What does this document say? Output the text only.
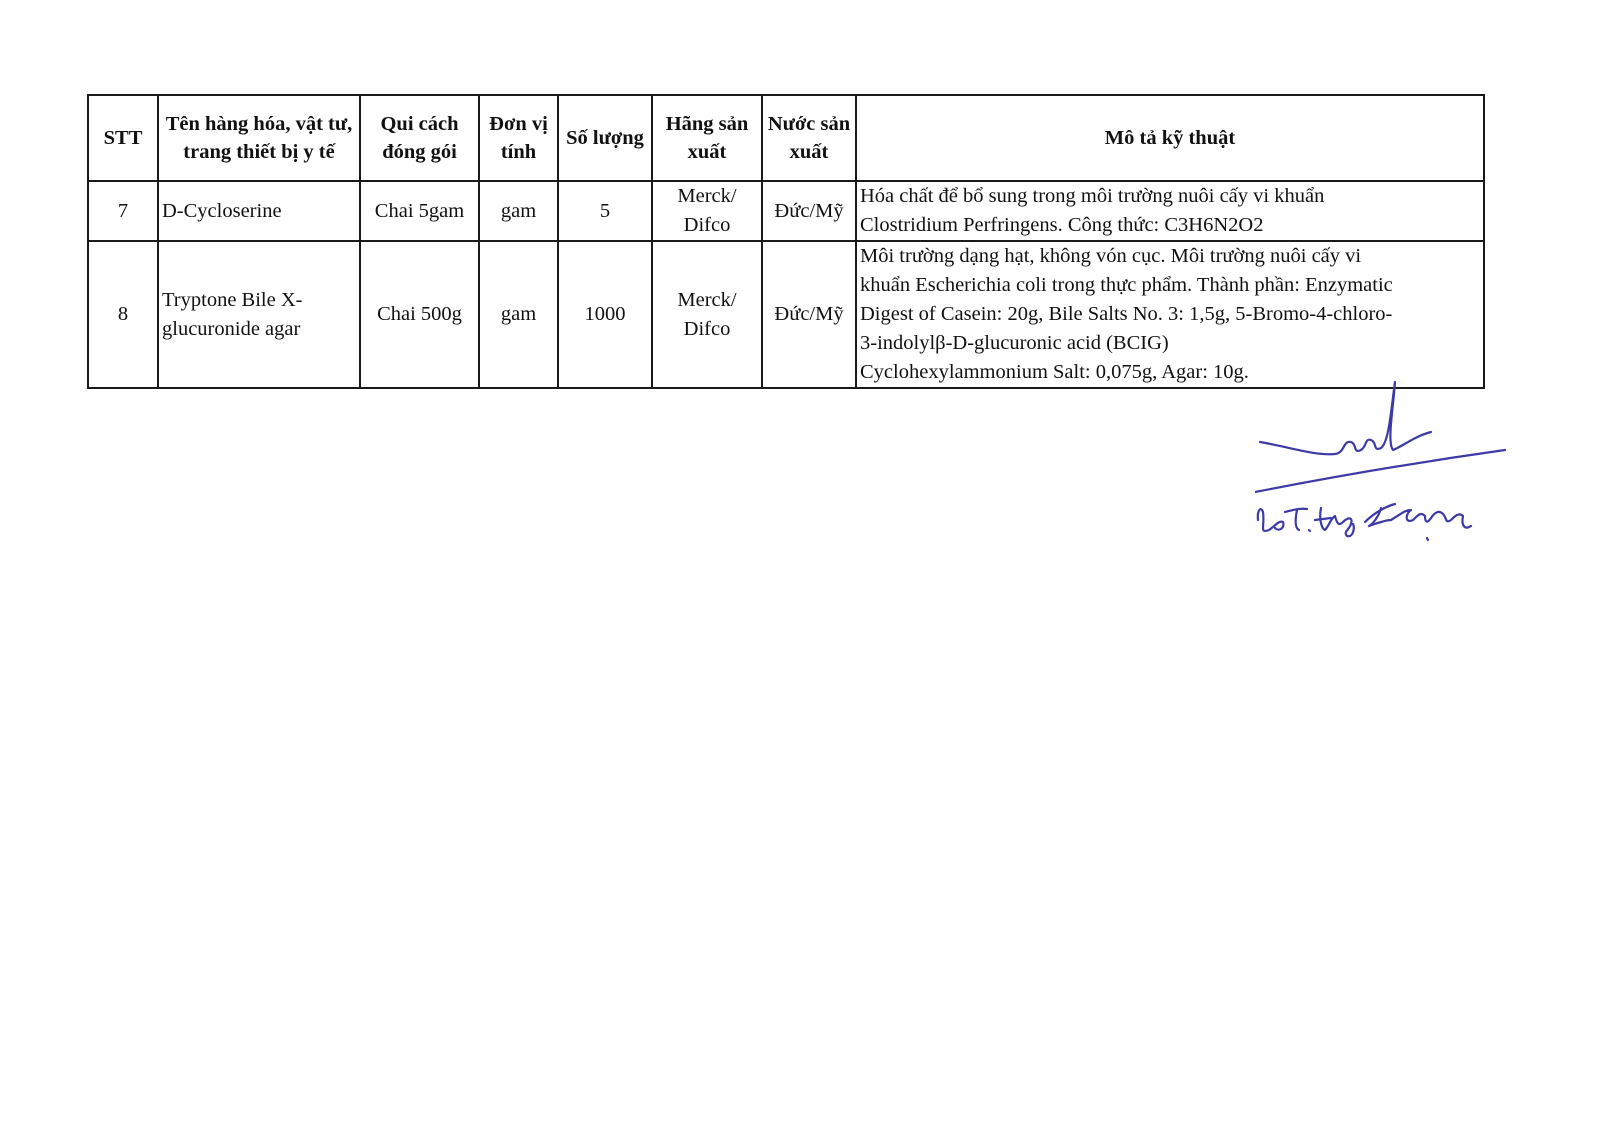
STT	Tên hàng hóa, vật tư, trang thiết bị y tế	Qui cách đóng gói	Đơn vị tính	Số lượng	Hãng sản xuất	Nước sản xuất	Mô tả kỹ thuật
7	D-Cycloserine	Chai 5gam	gam	5	Merck/ Difco	Đức/Mỹ	Hóa chất để bổ sung trong môi trường nuôi cấy vi khuẩn
Clostridium Perfringens. Công thức: C3H6N2O2

8	Tryptone Bile X-glucuronide agar	Chai 500g	gam	1000	Merck/ Difco	Đức/Mỹ	Môi trường dạng hạt, không vón cục. Môi trường nuôi cấy vi
khuẩn Escherichia coli trong thực phẩm. Thành phần: Enzymatic
Digest of Casein: 20g, Bile Salts No. 3: 1,5g, 5-Bromo-4-chloro-
3-indolylβ-D-glucuronic acid (BCIG)
Cyclohexylammonium Salt: 0,075g, Agar: 10g.
